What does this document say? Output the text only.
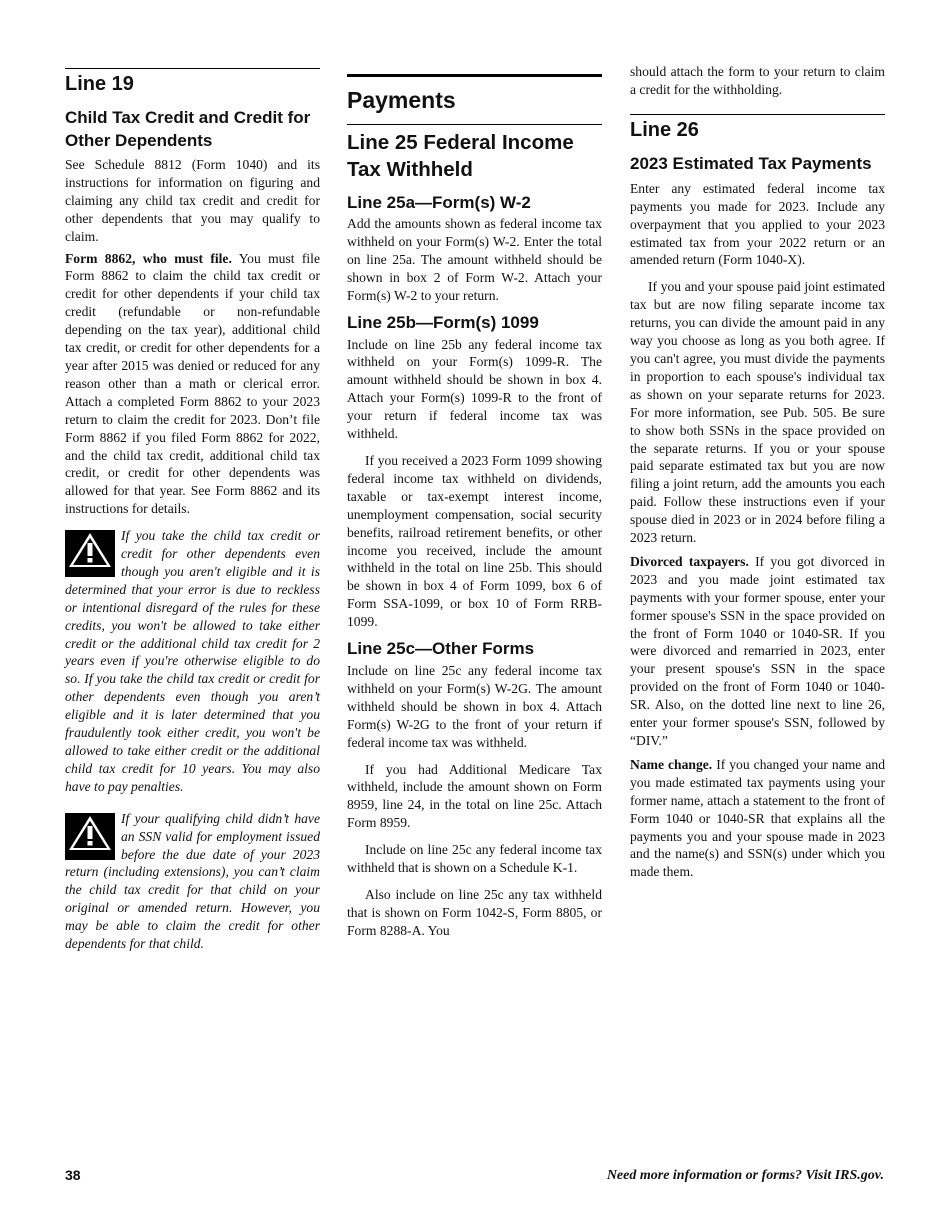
Line 19
Child Tax Credit and Credit for Other Dependents

See Schedule 8812 (Form 1040) and its instructions for information on figuring and claiming any child tax credit and credit for other dependents that you may qualify to claim.

Form 8862, who must file. You must file Form 8862 to claim the child tax credit or credit for other dependents if your child tax credit (refundable or non-refundable depending on the tax year), additional child tax credit, or credit for other dependents for a year after 2015 was denied or reduced for any reason other than a math or clerical error. Attach a completed Form 8862 to your 2023 return to claim the credit for 2023. Don’t file Form 8862 if you filed Form 8862 for 2022, and the child tax credit, additional child tax credit, or credit for other dependents was allowed for that year. See Form 8862 and its instructions for details.

If you take the child tax credit or credit for other dependents even though you aren't eligible and it is determined that your error is due to reckless or intentional disregard of the rules for these credits, you won't be allowed to take either credit or the additional child tax credit for 2 years even if you're otherwise eligible to do so. If you take the child tax credit or credit for other dependents even though you aren’t eligible and it is later determined that you fraudulently took either credit, you won't be allowed to take either credit or the additional child tax credit for 10 years. You may also have to pay penalties.

If your qualifying child didn’t have an SSN valid for employment issued before the due date of your 2023 return (including extensions), you can’t claim the child tax credit for that child on your original or amended return. However, you may be able to claim the credit for other dependents for that child.

Payments
Line 25 Federal Income Tax Withheld
Line 25a—Form(s) W-2

Add the amounts shown as federal income tax withheld on your Form(s) W-2. Enter the total on line 25a. The amount withheld should be shown in box 2 of Form W-2. Attach your Form(s) W-2 to your return.

Line 25b—Form(s) 1099

Include on line 25b any federal income tax withheld on your Form(s) 1099-R. The amount withheld should be shown in box 4. Attach your Form(s) 1099-R to the front of your return if federal income tax was withheld.

If you received a 2023 Form 1099 showing federal income tax withheld on dividends, taxable or tax-exempt interest income, unemployment compensation, social security benefits, railroad retirement benefits, or other income you received, include the amount withheld in the total on line 25b. This should be shown in box 4 of Form 1099, box 6 of Form SSA-1099, or box 10 of Form RRB-1099.

Line 25c—Other Forms

Include on line 25c any federal income tax withheld on your Form(s) W-2G. The amount withheld should be shown in box 4. Attach Form(s) W-2G to the front of your return if federal income tax was withheld.

If you had Additional Medicare Tax withheld, include the amount shown on Form 8959, line 24, in the total on line 25c. Attach Form 8959.

Include on line 25c any federal income tax withheld that is shown on a Schedule K-1.

Also include on line 25c any tax withheld that is shown on Form 1042-S, Form 8805, or Form 8288-A. You

should attach the form to your return to claim a credit for the withholding.

Line 26
2023 Estimated Tax Payments

Enter any estimated federal income tax payments you made for 2023. Include any overpayment that you applied to your 2023 estimated tax from your 2022 return or an amended return (Form 1040-X).

If you and your spouse paid joint estimated tax but are now filing separate income tax returns, you can divide the amount paid in any way you choose as long as you both agree. If you can't agree, you must divide the payments in proportion to each spouse's individual tax as shown on your separate returns for 2023. For more information, see Pub. 505. Be sure to show both SSNs in the space provided on the separate returns. If you or your spouse paid separate estimated tax but you are now filing a joint return, add the amounts you each paid. Follow these instructions even if your spouse died in 2023 or in 2024 before filing a 2023 return.

Divorced taxpayers. If you got divorced in 2023 and you made joint estimated tax payments with your former spouse, enter your former spouse's SSN in the space provided on the front of Form 1040 or 1040-SR. If you were divorced and remarried in 2023, enter your present spouse's SSN in the space provided on the front of Form 1040 or 1040-SR. Also, on the dotted line next to line 26, enter your former spouse's SSN, followed by “DIV.”

Name change. If you changed your name and you made estimated tax payments using your former name, attach a statement to the front of Form 1040 or 1040-SR that explains all the payments you and your spouse made in 2023 and the name(s) and SSN(s) under which you made them.

38	Need more information or forms? Visit IRS.gov.
